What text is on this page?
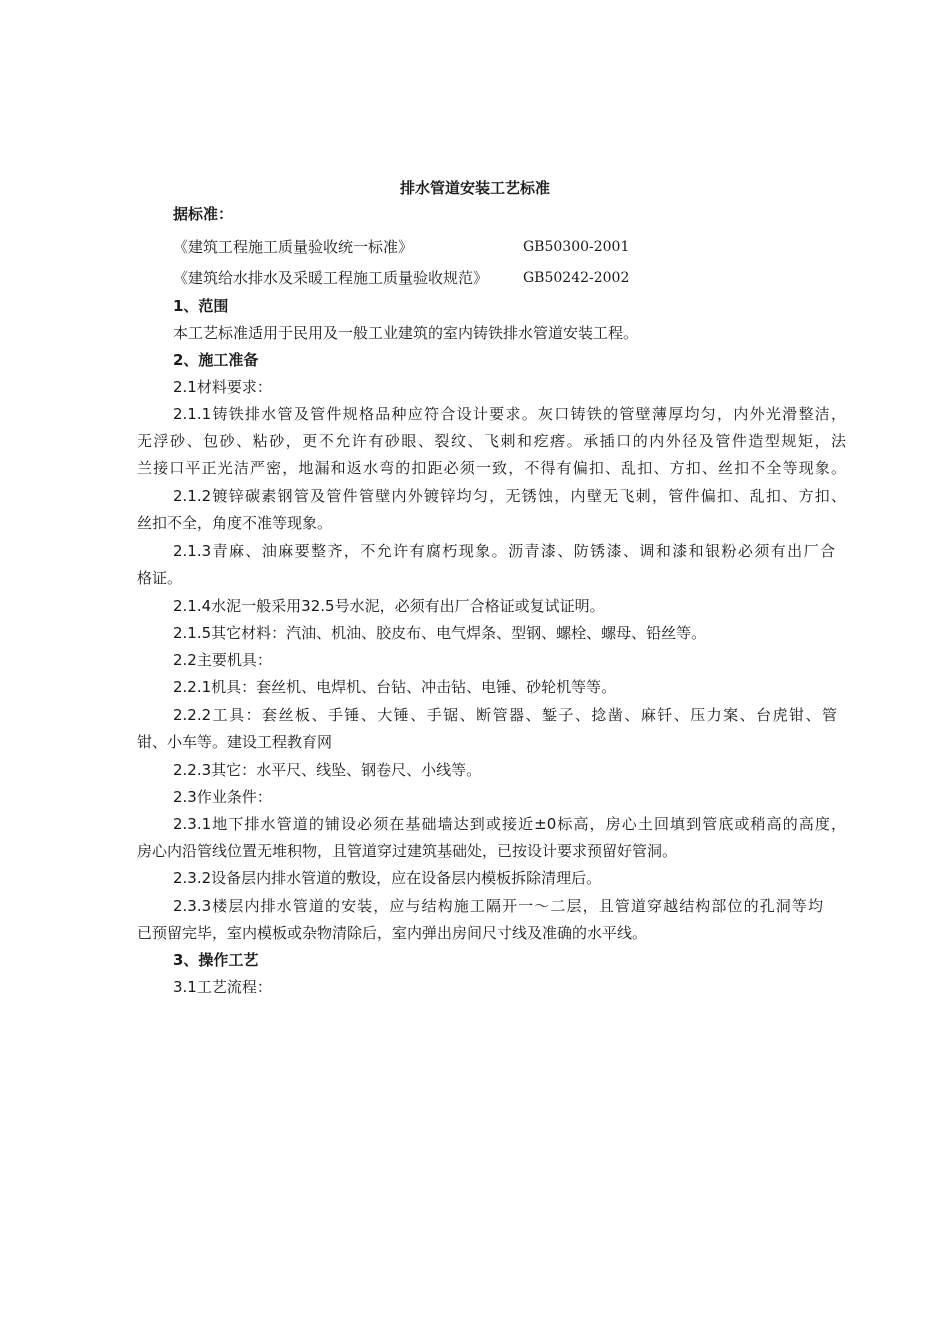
排水管道安装工艺标准
据标准：
《建筑工程施工质量验收统一标准》	GB50300-2001
《建筑给水排水及采暖工程施工质量验收规范》 GB50242-2002
1、范围
本工艺标准适用于民用及一般工业建筑的室内铸铁排水管道安装工程。
2、施工准备
2.1材料要求：
2.1.1铸铁排水管及管件规格品种应符合设计要求。灰口铸铁的管壁薄厚均匀，内外光滑整洁，
无浮砂、包砂、粘砂，更不允许有砂眼、裂纹、飞刺和疙瘩。承插口的内外径及管件造型规矩，法
兰接口平正光洁严密，地漏和返水弯的扣距必须一致，不得有偏扣、乱扣、方扣、丝扣不全等现象。
2.1.2镀锌碳素钢管及管件管壁内外镀锌均匀，无锈蚀，内壁无飞刺，管件偏扣、乱扣、方扣、
丝扣不全，角度不准等现象。
2.1.3青麻、油麻要整齐，不允许有腐朽现象。沥青漆、防锈漆、调和漆和银粉必须有出厂合
格证。
2.1.4水泥一般采用32.5号水泥，必须有出厂合格证或复试证明。
2.1.5其它材料：汽油、机油、胶皮布、电气焊条、型钢、螺栓、螺母、铅丝等。
2.2主要机具：
2.2.1机具：套丝机、电焊机、台钻、冲击钻、电锤、砂轮机等等。
2.2.2工具：套丝板、手锤、大锤、手锯、断管器、錾子、捻凿、麻钎、压力案、台虎钳、管
钳、小车等。建设工程教育网
2.2.3其它：水平尺、线坠、钢卷尺、小线等。
2.3作业条件：
2.3.1地下排水管道的铺设必须在基础墙达到或接近±0标高，房心土回填到管底或稍高的高度，
房心内沿管线位置无堆积物，且管道穿过建筑基础处，已按设计要求预留好管洞。
2.3.2设备层内排水管道的敷设，应在设备层内模板拆除清理后。
2.3.3楼层内排水管道的安装，应与结构施工隔开一～二层，且管道穿越结构部位的孔洞等均
已预留完毕，室内模板或杂物清除后，室内弹出房间尺寸线及准确的水平线。
3、操作工艺
3.1工艺流程：
